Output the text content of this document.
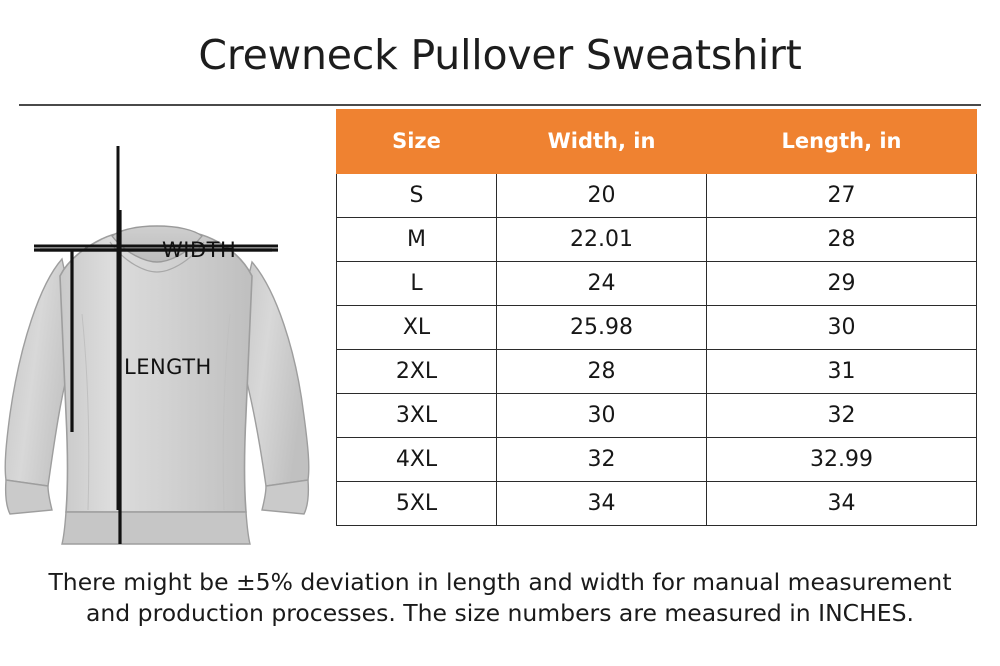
Crewneck Pullover Sweatshirt
WIDTH
LENGTH
Size	Width, in	Length, in
S	20	27
M	22.01	28
L	24	29
XL	25.98	30
2XL	28	31
3XL	30	32
4XL	32	32.99
5XL	34	34
There might be ±5% deviation in length and width for manual measurement
and production processes. The size numbers are measured in INCHES.
